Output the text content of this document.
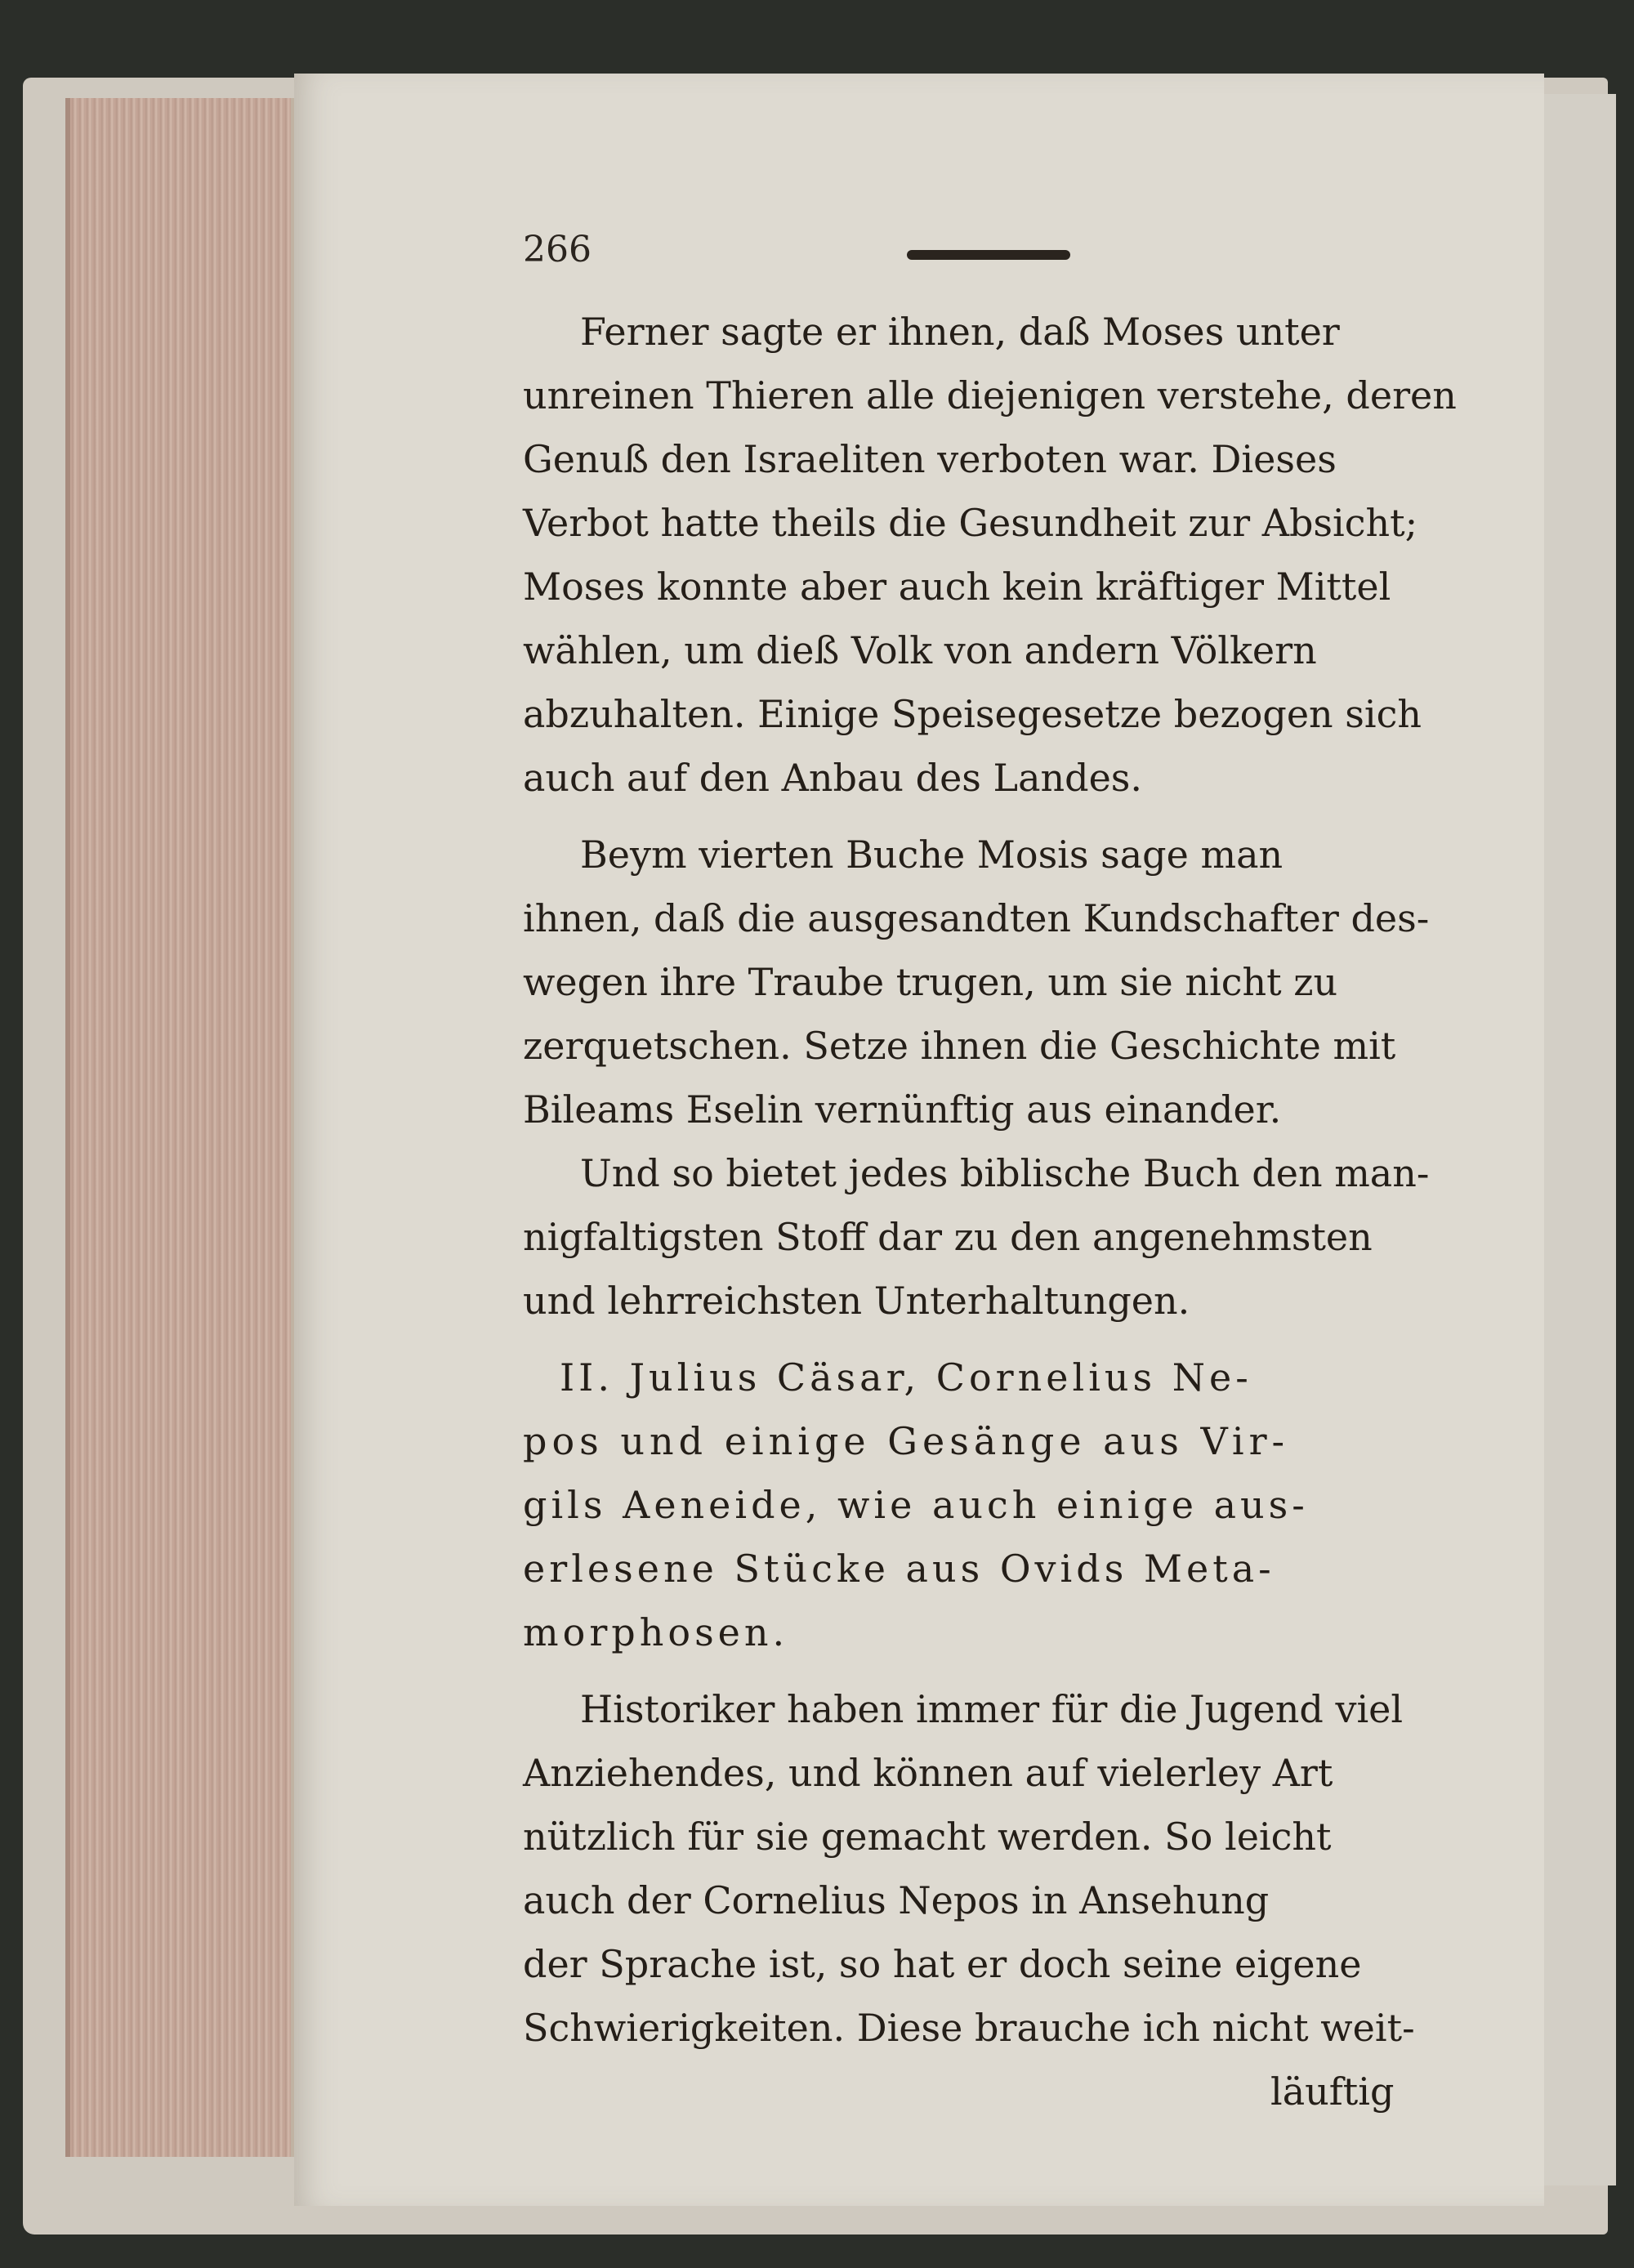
266
Ferner sagte er ihnen, daß Moses unter
unreinen Thieren alle diejenigen verstehe, deren
Genuß den Israeliten verboten war. Dieses
Verbot hatte theils die Gesundheit zur Absicht;
Moses konnte aber auch kein kräftiger Mittel
wählen, um dieß Volk von andern Völkern
abzuhalten. Einige Speisegesetze bezogen sich
auch auf den Anbau des Landes.
Beym vierten Buche Mosis sage man
ihnen, daß die ausgesandten Kundschafter des-
wegen ihre Traube trugen, um sie nicht zu
zerquetschen. Setze ihnen die Geschichte mit
Bileams Eselin vernünftig aus einander.
Und so bietet jedes biblische Buch den man-
nigfaltigsten Stoff dar zu den angenehmsten
und lehrreichsten Unterhaltungen.
II. Julius Cäsar, Cornelius Ne-
pos und einige Gesänge aus Vir-
gils Aeneide, wie auch einige aus-
erlesene Stücke aus Ovids Meta-
morphosen.
Historiker haben immer für die Jugend viel
Anziehendes, und können auf vielerley Art
nützlich für sie gemacht werden. So leicht
auch der Cornelius Nepos in Ansehung
der Sprache ist, so hat er doch seine eigene
Schwierigkeiten. Diese brauche ich nicht weit-
läuftig
